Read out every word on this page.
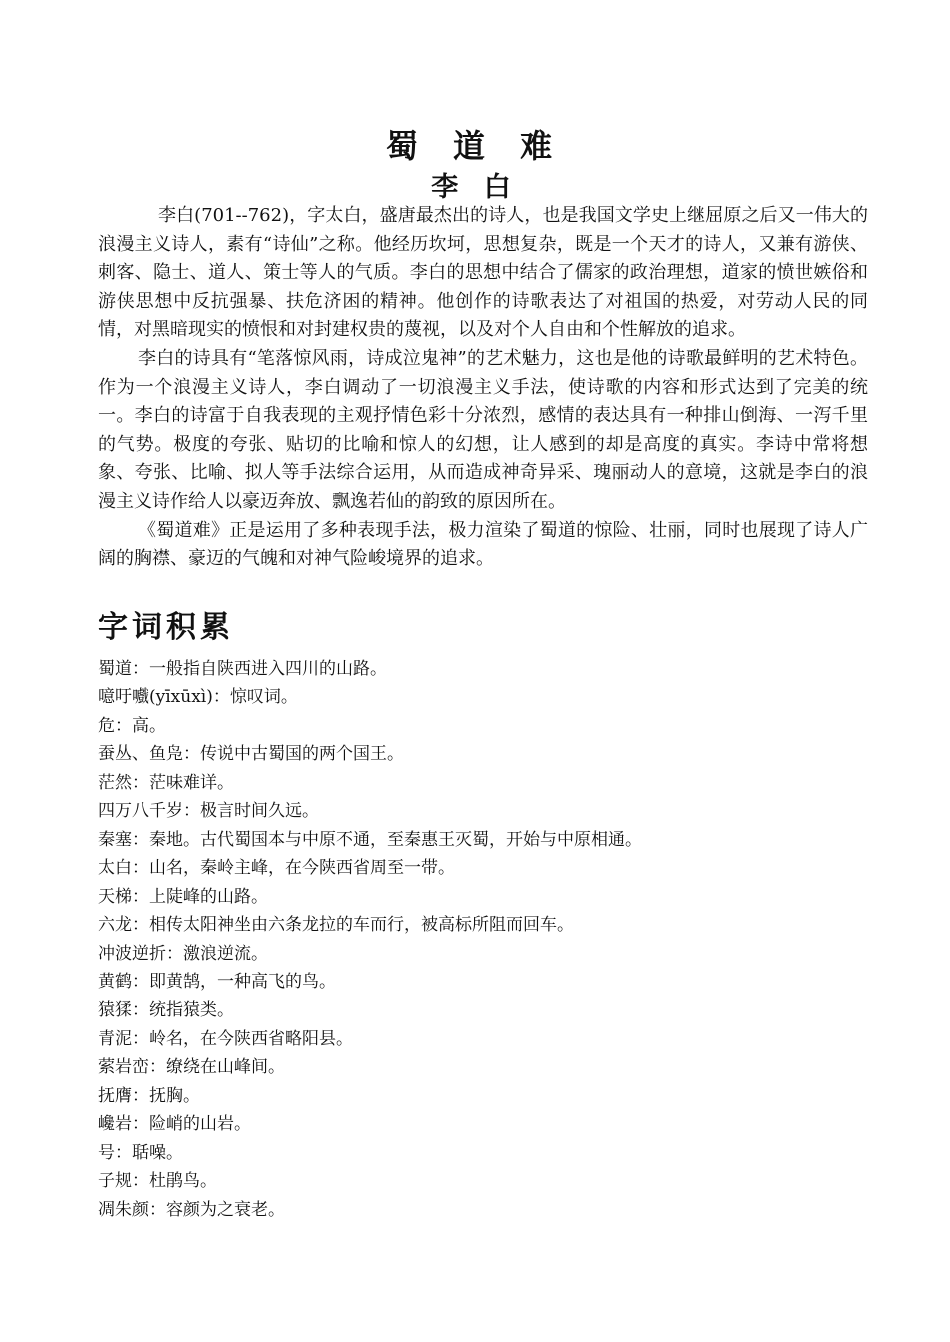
蜀 道 难
李 白

李白(701--762)，字太白，盛唐最杰出的诗人，也是我国文学史上继屈原之后又一伟大的浪漫主义诗人，素有“诗仙”之称。他经历坎坷，思想复杂，既是一个天才的诗人，又兼有游侠、刺客、隐士、道人、策士等人的气质。李白的思想中结合了儒家的政治理想，道家的愤世嫉俗和游侠思想中反抗强暴、扶危济困的精神。他创作的诗歌表达了对祖国的热爱，对劳动人民的同情，对黑暗现实的愤恨和对封建权贵的蔑视，以及对个人自由和个性解放的追求。

李白的诗具有“笔落惊风雨，诗成泣鬼神”的艺术魅力，这也是他的诗歌最鲜明的艺术特色。作为一个浪漫主义诗人，李白调动了一切浪漫主义手法，使诗歌的内容和形式达到了完美的统一。李白的诗富于自我表现的主观抒情色彩十分浓烈，感情的表达具有一种排山倒海、一泻千里的气势。极度的夸张、贴切的比喻和惊人的幻想，让人感到的却是高度的真实。李诗中常将想象、夸张、比喻、拟人等手法综合运用，从而造成神奇异采、瑰丽动人的意境，这就是李白的浪漫主义诗作给人以豪迈奔放、飘逸若仙的韵致的原因所在。

《蜀道难》正是运用了多种表现手法，极力渲染了蜀道的惊险、壮丽，同时也展现了诗人广阔的胸襟、豪迈的气魄和对神气险峻境界的追求。

字词积累
蜀道：一般指自陕西进入四川的山路。
噫吁嚱(yīxūxì)：惊叹词。
危：高。
蚕丛、鱼凫：传说中古蜀国的两个国王。
茫然：茫味难详。
四万八千岁：极言时间久远。
秦塞：秦地。古代蜀国本与中原不通，至秦惠王灭蜀，开始与中原相通。
太白：山名，秦岭主峰，在今陕西省周至一带。
天梯：上陡峰的山路。
六龙：相传太阳神坐由六条龙拉的车而行，被高标所阻而回车。
冲波逆折：激浪逆流。
黄鹤：即黄鹄，一种高飞的鸟。
猿猱：统指猿类。
青泥：岭名，在今陕西省略阳县。
萦岩峦：缭绕在山峰间。
抚膺：抚胸。
巉岩：险峭的山岩。
号：聒噪。
子规：杜鹃鸟。
凋朱颜：容颜为之衰老。
